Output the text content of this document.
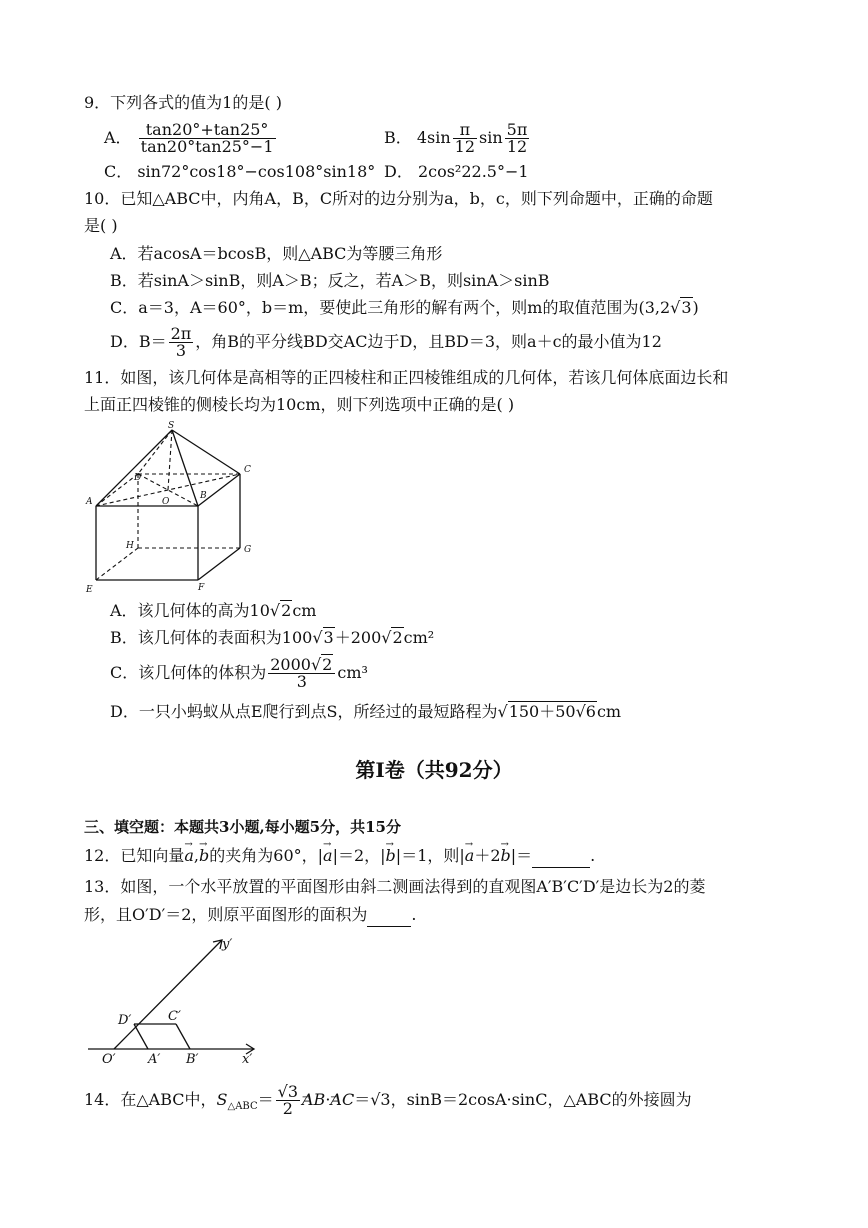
9．下列各式的值为1的是( )
A． $\frac{\tan 20^\circ+\tan 25^\circ}{\tan 20^\circ\tan 25^\circ-1}$	B． $4\sin \frac{\pi}{12}$ $\sin \frac{5\pi}{12}$
C． sin72°cos18°−cos108°sin18° D． 2cos²22.5°−1
10．已知△ABC中，内角A，B，C所对的边分别为a，b，c，则下列命题中，正确的命题
是( )
A．若acosA＝bcosB，则△ABC为等腰三角形
B．若sinA＞sinB，则A＞B；反之，若A＞B，则sinA＞sinB
C．a＝3，A＝60°，b＝m，要使此三角形的解有两个，则m的取值范围为(3,2√3)
D．$B= \frac{2\pi}{3}$ ，角B的平分线BD交AC边于D，且BD＝3，则a＋c的最小值为12
11．如图，该几何体是高相等的正四棱柱和正四棱锥组成的几何体，若该几何体底面边长和
上面正四棱锥的侧棱长均为10cm，则下列选项中正确的是( )
S
C
D
A	O
B
H	G
E	F
A．该几何体的高为10√2cm
B．该几何体的表面积为100√3＋200√2cm²
C．该几何体的体积为 $\frac{2000√2}{3} cm^3$
D．一只小蚂蚁从点E爬行到点S，所经过的最短路程为√150＋50√6cm
第Ⅰ卷（共92分）
三、填空题：本题共3小题,每小题5分，共15分
12．已知向量→ a,→ b的夹角为60°，|→ a|＝2，|→ b|＝1，则|→ a＋2→ b|＝	.
13．如图，一个水平放置的平面图形由斜二测画法得到的直观图A′B′C′D′是边长为2的菱
形，且O′D′＝2，则原平面图形的面积为	.
y′
x′
D′	C′
O′ A′ B′
14．在△ABC中，$S_{\triangle ABC}= \frac{√3}{2}$
→ AB·→ AC＝√3，sinB＝2cosA·sinC，△ABC的外接圆为
